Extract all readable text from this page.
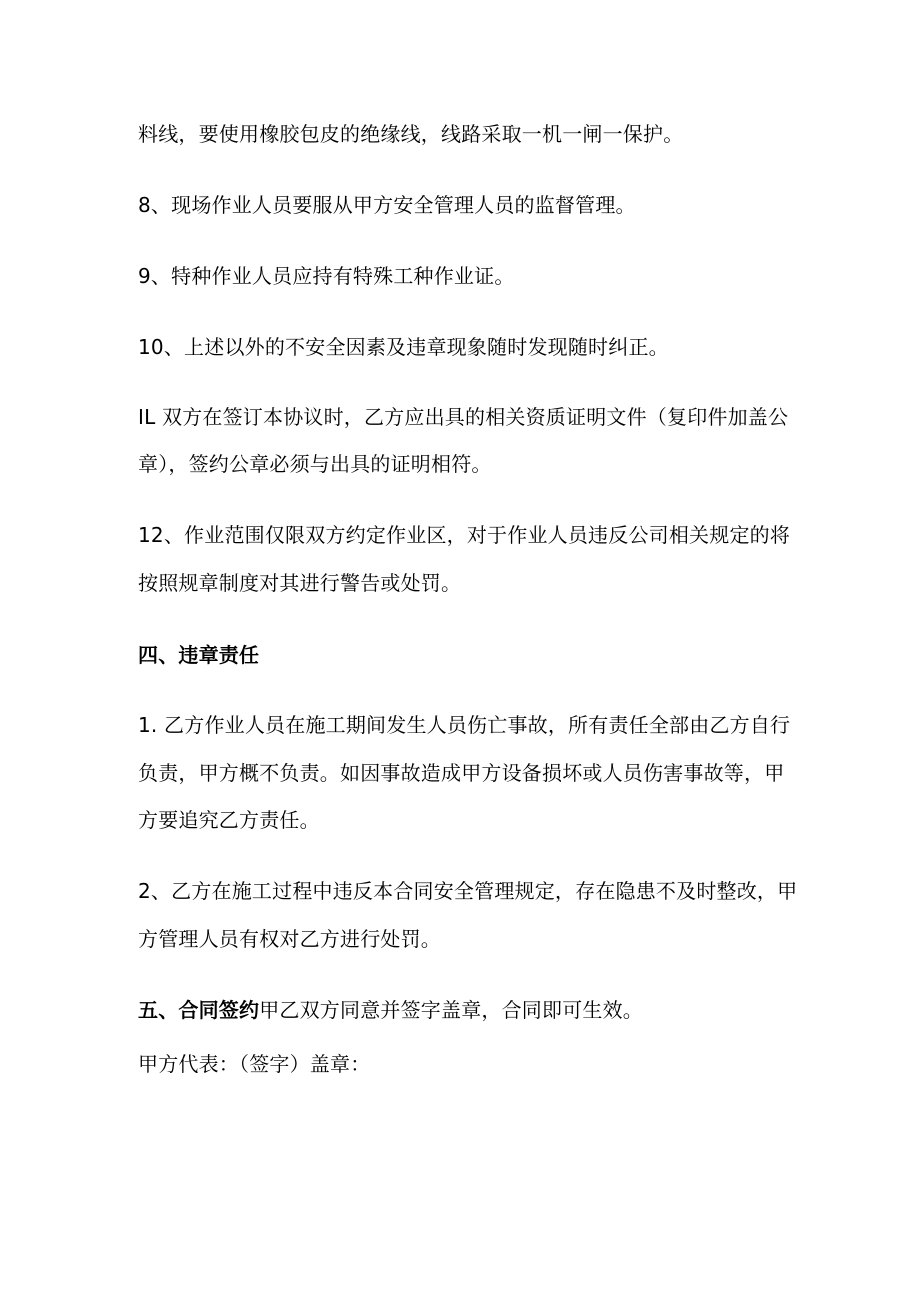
料线，要使用橡胶包皮的绝缘线，线路采取一机一闸一保护。
8、现场作业人员要服从甲方安全管理人员的监督管理。
9、特种作业人员应持有特殊工种作业证。
10、上述以外的不安全因素及违章现象随时发现随时纠正。
IL 双方在签订本协议时，乙方应出具的相关资质证明文件（复印件加盖公
章），签约公章必须与出具的证明相符。
12、作业范围仅限双方约定作业区，对于作业人员违反公司相关规定的将
按照规章制度对其进行警告或处罚。
四、违章责任
1. 乙方作业人员在施工期间发生人员伤亡事故，所有责任全部由乙方自行
负责，甲方概不负责。如因事故造成甲方设备损坏或人员伤害事故等，甲
方要追究乙方责任。
2、乙方在施工过程中违反本合同安全管理规定，存在隐患不及时整改，甲
方管理人员有权对乙方进行处罚。
五、合同签约甲乙双方同意并签字盖章，合同即可生效。
甲方代表：（签字）盖章：
